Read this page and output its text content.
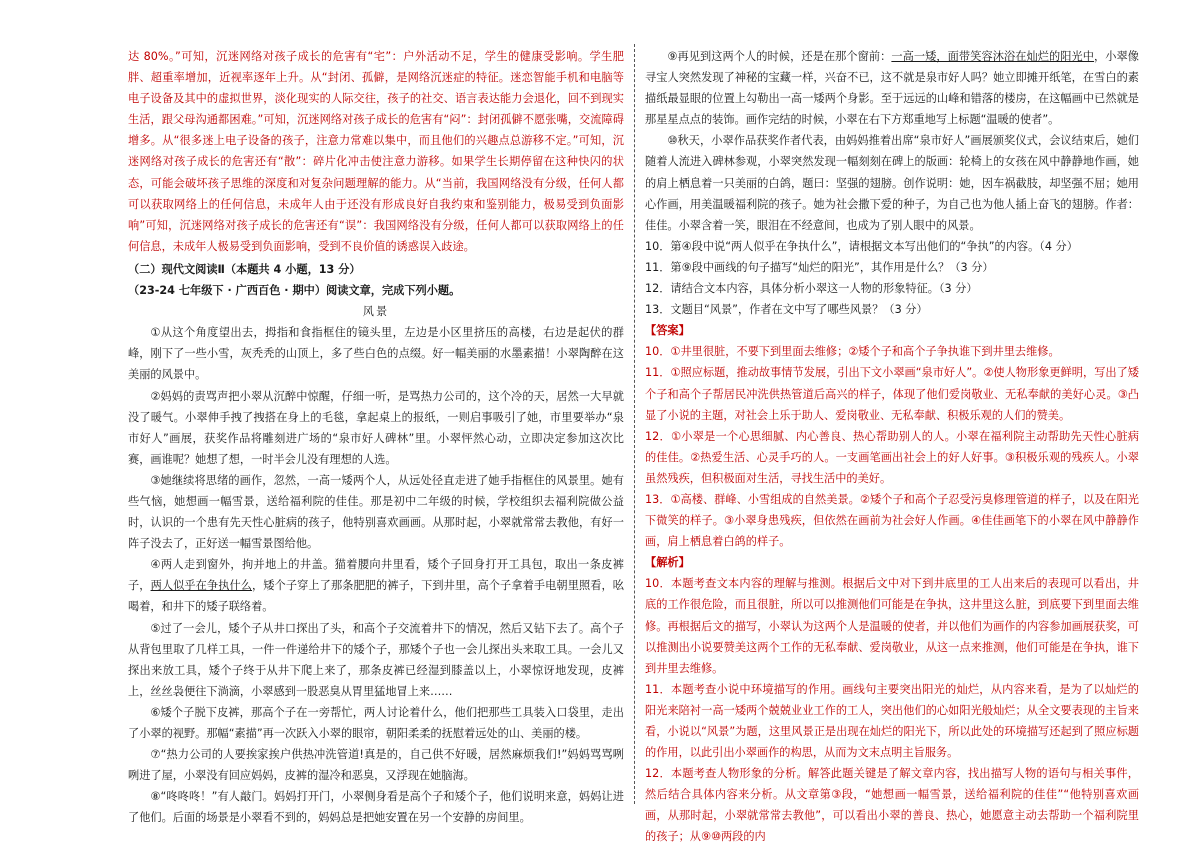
达 80%。”可知，沉迷网络对孩子成长的危害有“宅”：户外活动不足，学生的健康受影响。学生肥胖、超重率增加，近视率逐年上升。从“封闭、孤僻，是网络沉迷症的特征。迷恋智能手机和电脑等电子设备及其中的虚拟世界，淡化现实的人际交往，孩子的社交、语言表达能力会退化，回不到现实生活，跟父母沟通都困难。”可知，沉迷网络对孩子成长的危害有“闷”：封闭孤僻不愿张嘴，交流障碍增多。从“很多迷上电子设备的孩子，注意力常难以集中，而且他们的兴趣点总游移不定。”可知，沉迷网络对孩子成长的危害还有“散”：碎片化冲击使注意力游移。如果学生长期停留在这种快闪的状态，可能会破坏孩子思维的深度和对复杂问题理解的能力。从“当前，我国网络没有分级，任何人都可以获取网络上的任何信息，未成年人由于还没有形成良好自我约束和鉴别能力，极易受到负面影响”可知，沉迷网络对孩子成长的危害还有“误”：我国网络没有分级，任何人都可以获取网络上的任何信息，未成年人极易受到负面影响，受到不良价值的诱惑误入歧途。

（二）现代文阅读Ⅱ（本题共 4 小题，13 分）

（23-24 七年级下 · 广西百色 · 期中）阅读文章，完成下列小题。

风景

①从这个角度望出去，拇指和食指框住的镜头里，左边是小区里挤压的高楼，右边是起伏的群峰，刚下了一些小雪，灰秃秃的山顶上，多了些白色的点缀。好一幅美丽的水墨素描！小翠陶醉在这美丽的风景中。

②妈妈的责骂声把小翠从沉醉中惊醒，仔细一听，是骂热力公司的，这个冷的天，居然一大早就没了暖气。小翠伸手拽了拽搭在身上的毛毯，拿起桌上的报纸，一则启事吸引了她，市里要举办“泉市好人”画展，获奖作品将雕刻进广场的“泉市好人碑林”里。小翠怦然心动，立即决定参加这次比赛，画谁呢？她想了想，一时半会儿没有理想的人选。

③她继续将思绪的画作，忽然，一高一矮两个人，从远处径直走进了她手指框住的风景里。她有些气恼，她想画一幅雪景，送给福利院的佳佳。那是初中二年级的时候，学校组织去福利院做公益时，认识的一个患有先天性心脏病的孩子，他特别喜欢画画。从那时起，小翠就常常去教他，有好一阵子没去了，正好送一幅雪景图给他。

④两人走到窗外，拘并地上的井盖。猫着腰向井里看，矮个子回身打开工具包，取出一条皮裤子，两人似乎在争执什么，矮个子穿上了那条肥肥的裤子，下到井里，高个子拿着手电朝里照看，吆喝着，和井下的矮子联络着。

⑤过了一会儿，矮个子从井口探出了头，和高个子交流着井下的情况，然后又钻下去了。高个子从背包里取了几样工具，一件一件递给井下的矮个子，那矮个子也一会儿探出头来取工具。一会儿又探出来放工具，矮个子终于从井下爬上来了，那条皮裤已经湿到膝盖以上，小翠惊讶地发现，皮裤上，丝丝袅便往下淌滴，小翠感到一股恶臭从胃里猛地冒上来……

⑥矮个子脱下皮裤，那高个子在一旁帮忙，两人讨论着什么，他们把那些工具装入口袋里，走出了小翠的视野。那幅“素描”再一次跃入小翠的眼帘，朝阳柔柔的抚慰着远处的山、美丽的楼。

⑦“热力公司的人要挨家挨户供热冲洗管道!真是的，自己供不好暖，居然麻烦我们!”妈妈骂骂咧咧进了屋，小翠没有回应妈妈，皮裤的湿冷和恶臭，又浮现在她脑海。

⑧“咚咚咚！”有人敲门。妈妈打开门，小翠侧身看是高个子和矮个子，他们说明来意，妈妈让进了他们。后面的场景是小翠看不到的，妈妈总是把她安置在另一个安静的房间里。

⑨再见到这两个人的时候，还是在那个窗前：一高一矮，面带笑容沐浴在灿烂的阳光中，小翠像寻宝人突然发现了神秘的宝藏一样，兴奋不已，这不就是泉市好人吗？她立即摊开纸笔，在雪白的素描纸最显眼的位置上勾勒出一高一矮两个身影。至于远远的山峰和错落的楼房，在这幅画中已然就是那星星点点的装饰。画作完结的时候，小翠在右下方郑重地写上标题“温暖的使者”。

⑩秋天，小翠作品获奖作者代表，由妈妈推着出席“泉市好人”画展颁奖仪式，会议结束后，她们随着人流进入碑林参观，小翠突然发现一幅刻刻在碑上的版画：轮椅上的女孩在风中静静地作画，她的肩上栖息着一只美丽的白鸽，题曰：坚强的翅膀。创作说明：她，因车祸截肢，却坚强不屈；她用心作画，用美温暖福利院的孩子。她为社会撒下爱的种子，为自己也为他人插上奋飞的翅膀。作者：佳佳。小翠含着一笑，眼泪在不经意间，也成为了别人眼中的风景。

10．第④段中说“两人似乎在争执什么”，请根据文本写出他们的“争执”的内容。（4 分）

11．第⑨段中画线的句子描写“灿烂的阳光”，其作用是什么？（3 分）

12．请结合文本内容，具体分析小翠这一人物的形象特征。（3 分）

13．文题目“风景”，作者在文中写了哪些风景？（3 分）

【答案】

10．①井里很脏，不要下到里面去维修；②矮个子和高个子争执谁下到井里去维修。

11．①照应标题，推动故事情节发展，引出下文小翠画“泉市好人”。②使人物形象更鲜明，写出了矮个子和高个子帮居民冲洗供热管道后高兴的样子，体现了他们爱岗敬业、无私奉献的美好心灵。③凸显了小说的主题，对社会上乐于助人、爱岗敬业、无私奉献、积极乐观的人们的赞美。

12．①小翠是一个心思细腻、内心善良、热心帮助别人的人。小翠在福利院主动帮助先天性心脏病的佳佳。②热爱生活、心灵手巧的人。一支画笔画出社会上的好人好事。③积极乐观的残疾人。小翠虽然残疾，但积极面对生活，寻找生活中的美好。

13．①高楼、群峰、小雪组成的自然美景。②矮个子和高个子忍受污臭修理管道的样子，以及在阳光下微笑的样子。③小翠身患残疾，但依然在画前为社会好人作画。④佳佳画笔下的小翠在风中静静作画，肩上栖息着白鸽的样子。

【解析】

10．本题考查文本内容的理解与推测。根据后文中对下到井底里的工人出来后的表现可以看出，井底的工作很危险，而且很脏，所以可以推测他们可能是在争执，这井里这么脏，到底要下到里面去维修。再根据后文的描写，小翠认为这两个人是温暖的使者，并以他们为画作的内容参加画展获奖，可以推测出小说要赞美这两个工作的无私奉献、爱岗敬业，从这一点来推测，他们可能是在争执，谁下到井里去维修。

11．本题考查小说中环境描写的作用。画线句主要突出阳光的灿烂，从内容来看，是为了以灿烂的阳光来陪衬一高一矮两个兢兢业业工作的工人，突出他们的心如阳光般灿烂；从全文要表现的主旨来看，小说以“风景”为题，这里风景正是出现在灿烂的阳光下，所以此处的环境描写还起到了照应标题的作用，以此引出小翠画作的构思，从而为文末点明主旨服务。

12．本题考查人物形象的分析。解答此题关键是了解文章内容，找出描写人物的语句与相关事件，然后结合具体内容来分析。从文章第③段，“她想画一幅雪景，送给福利院的佳佳”“他特别喜欢画画，从那时起，小翠就常常去教他”，可以看出小翠的善良、热心，她愿意主动去帮助一个福利院里的孩子；从⑨⑩两段的内
